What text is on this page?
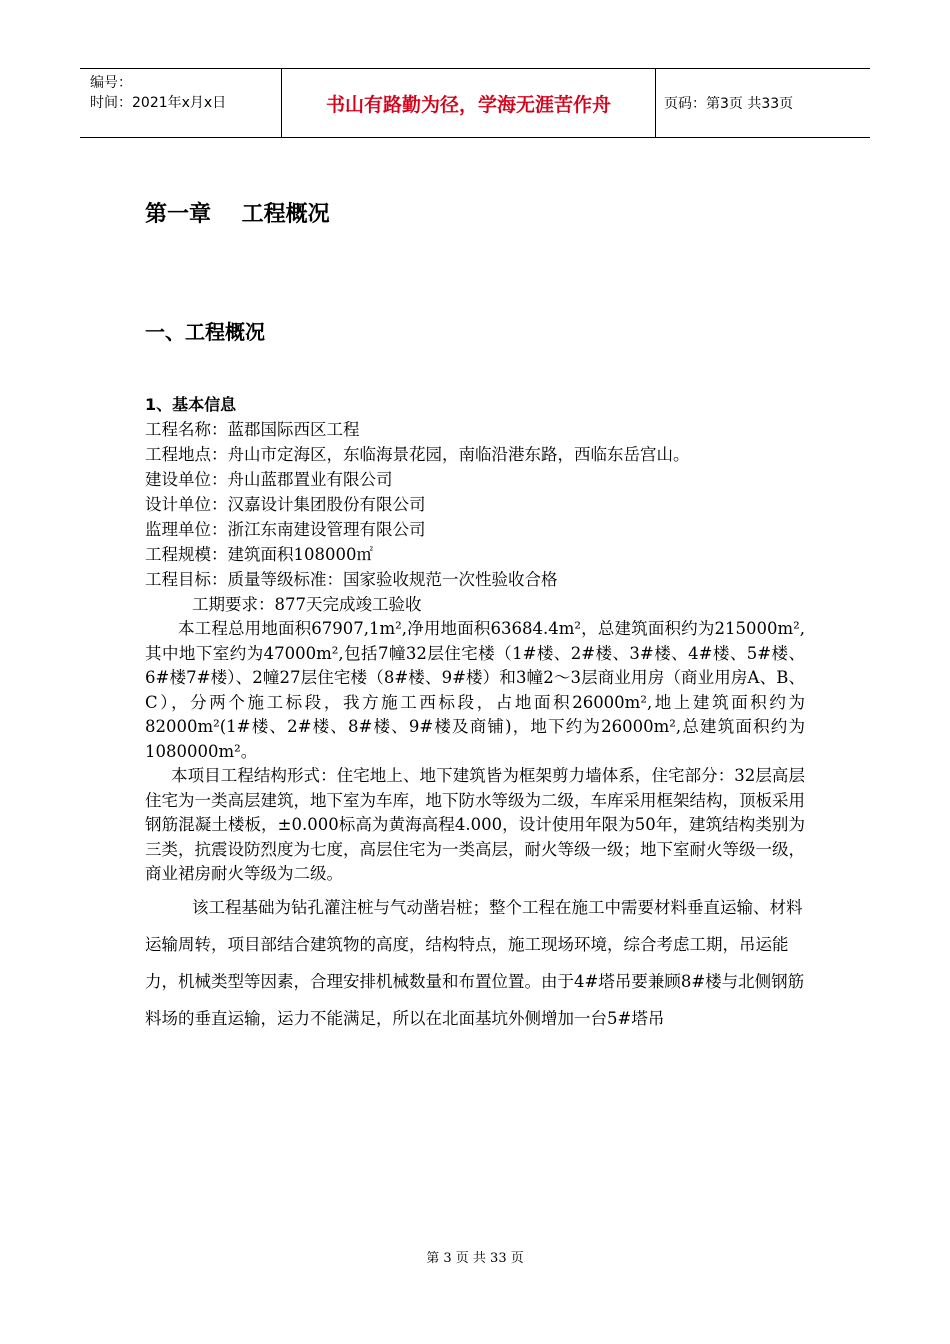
编号：
时间：2021年x月x日	书山有路勤为径，学海无涯苦作舟	页码：第3页 共33页
第一章    工程概况
一、工程概况
1、基本信息
工程名称：蓝郡国际西区工程
工程地点：舟山市定海区，东临海景花园，南临沿港东路，西临东岳宫山。
建设单位：舟山蓝郡置业有限公司
设计单位：汉嘉设计集团股份有限公司
监理单位：浙江东南建设管理有限公司
工程规模：建筑面积108000㎡
工程目标：质量等级标准：国家验收规范一次性验收合格
工期要求：877天完成竣工验收

本工程总用地面积67907,1m²,净用地面积63684.4m²，总建筑面积约为215000m²,其中地下室约为47000m²,包括7幢32层住宅楼（1#楼、2#楼、3#楼、4#楼、5#楼、6#楼7#楼）、2幢27层住宅楼（8#楼、9#楼）和3幢2～3层商业用房（商业用房A、B、C），分两个施工标段，我方施工西标段，占地面积26000m²,地上建筑面积约为82000m²(1#楼、2#楼、8#楼、9#楼及商铺)，地下约为26000m²,总建筑面积约为1080000m²。

本项目工程结构形式：住宅地上、地下建筑皆为框架剪力墙体系，住宅部分：32层高层住宅为一类高层建筑，地下室为车库，地下防水等级为二级，车库采用框架结构，顶板采用钢筋混凝土楼板，±0.000标高为黄海高程4.000，设计使用年限为50年，建筑结构类别为三类，抗震设防烈度为七度，高层住宅为一类高层，耐火等级一级；地下室耐火等级一级，商业裙房耐火等级为二级。

该工程基础为钻孔灌注桩与气动凿岩桩；整个工程在施工中需要材料垂直运输、材料运输周转，项目部结合建筑物的高度，结构特点，施工现场环境，综合考虑工期，吊运能力，机械类型等因素，合理安排机械数量和布置位置。由于4#塔吊要兼顾8#楼与北侧钢筋料场的垂直运输，运力不能满足，所以在北面基坑外侧增加一台5#塔吊

第 3 页 共 33 页
